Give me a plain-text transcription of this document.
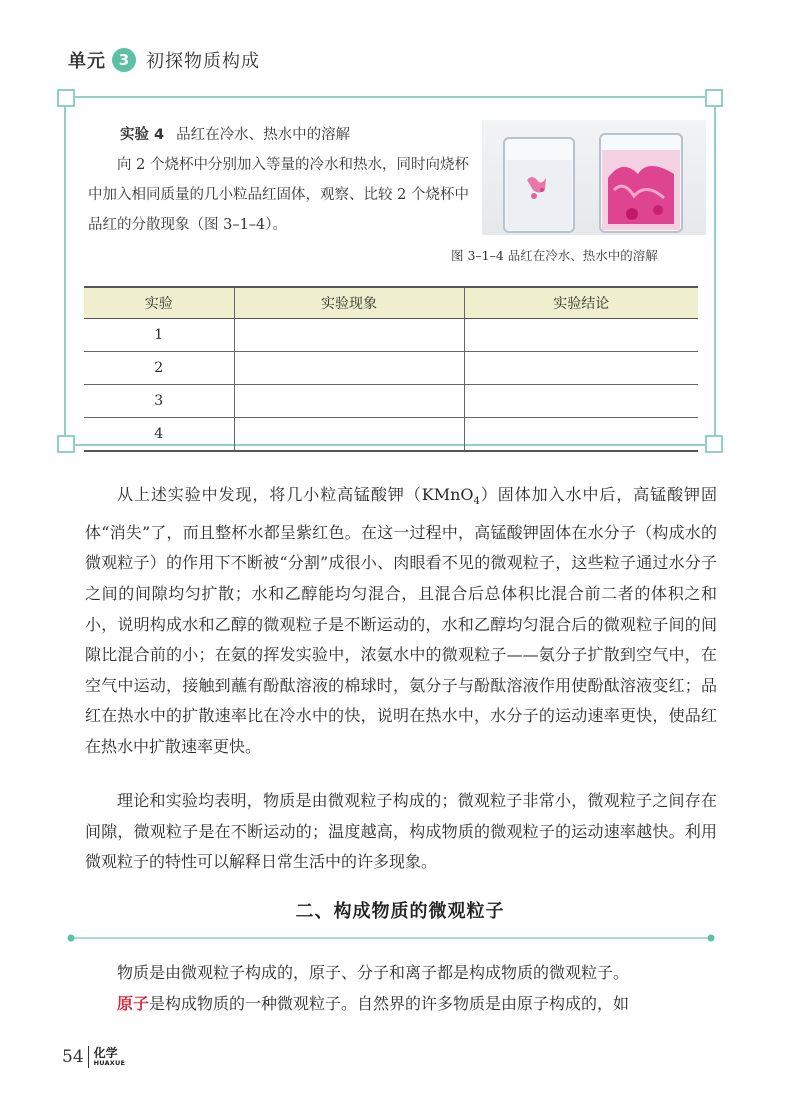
单元 3 初探物质构成

实验 4 品红在冷水、热水中的溶解

向 2 个烧杯中分别加入等量的冷水和热水，同时向烧杯中加入相同质量的几小粒品红固体，观察、比较 2 个烧杯中品红的分散现象（图 3–1–4）。

图 3–1–4 品红在冷水、热水中的溶解
实验	实验现象	实验结论
1		
2		
3		
4		

从上述实验中发现，将几小粒高锰酸钾（KMnO$_4$）固体加入水中后，高锰酸钾固体“消失”了，而且整杯水都呈紫红色。在这一过程中，高锰酸钾固体在水分子（构成水的微观粒子）的作用下不断被“分割”成很小、肉眼看不见的微观粒子，这些粒子通过水分子之间的间隙均匀扩散；水和乙醇能均匀混合，且混合后总体积比混合前二者的体积之和小，说明构成水和乙醇的微观粒子是不断运动的，水和乙醇均匀混合后的微观粒子间的间隙比混合前的小；在氨的挥发实验中，浓氨水中的微观粒子——氨分子扩散到空气中，在空气中运动，接触到蘸有酚酞溶液的棉球时，氨分子与酚酞溶液作用使酚酞溶液变红；品红在热水中的扩散速率比在冷水中的快，说明在热水中，水分子的运动速率更快，使品红在热水中扩散速率更快。

理论和实验均表明，物质是由微观粒子构成的；微观粒子非常小，微观粒子之间存在间隙，微观粒子是在不断运动的；温度越高，构成物质的微观粒子的运动速率越快。利用微观粒子的特性可以解释日常生活中的许多现象。

二、构成物质的微观粒子

物质是由微观粒子构成的，原子、分子和离子都是构成物质的微观粒子。

原子是构成物质的一种微观粒子。自然界的许多物质是由原子构成的，如

54 化学
HUAXUE
